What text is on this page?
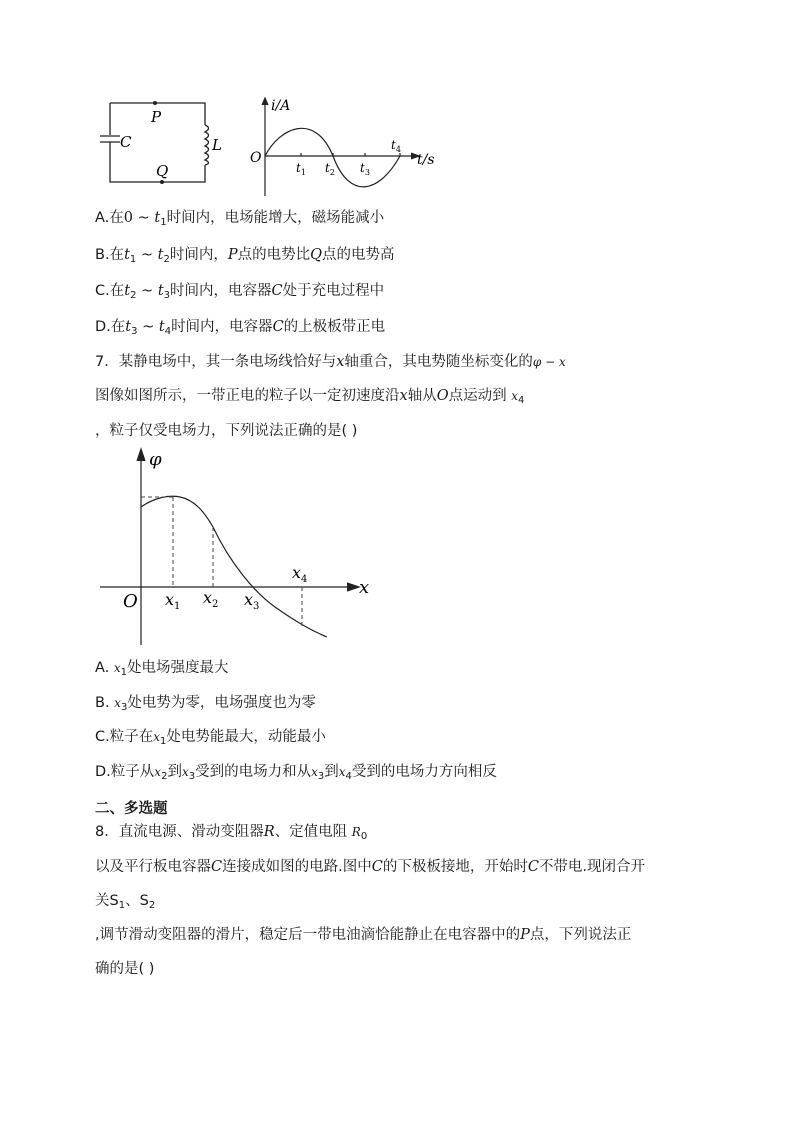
C
P
Q
L
i/A
t/s
O
$t_1$ $t_2$ $t_3$
$t_4$
A.在0 ~ $t_1$时间内，电场能增大，磁场能减小
B.在$t_1$ ~ $t_2$时间内，P点的电势比Q点的电势高
C.在$t_2$ ~ $t_3$时间内，电容器C处于充电过程中
D.在$t_3$ ~ $t_4$时间内，电容器C的上极板带正电
7．某静电场中，其一条电场线恰好与x轴重合，其电势随坐标变化的φ − x
图像如图所示，一带正电的粒子以一定初速度沿x轴从O点运动到 $x_4$
，粒子仅受电场力，下列说法正确的是( )
φ
x
O $x_1$ $x_2$ $x_3$
$x_4$
A. $x_1$处电场强度最大
B. $x_3$处电势为零，电场强度也为零
C.粒子在$x_1$处电势能最大，动能最小
D.粒子从$x_2$到$x_3$受到的电场力和从$x_3$到$x_4$受到的电场力方向相反
二、多选题
8．直流电源、滑动变阻器R、定值电阻 $R_0$
以及平行板电容器C连接成如图的电路.图中C的下极板接地，开始时C不带电.现闭合开
关$S_1$、$S_2$
,调节滑动变阻器的滑片，稳定后一带电油滴恰能静止在电容器中的P点，下列说法正
确的是( )
